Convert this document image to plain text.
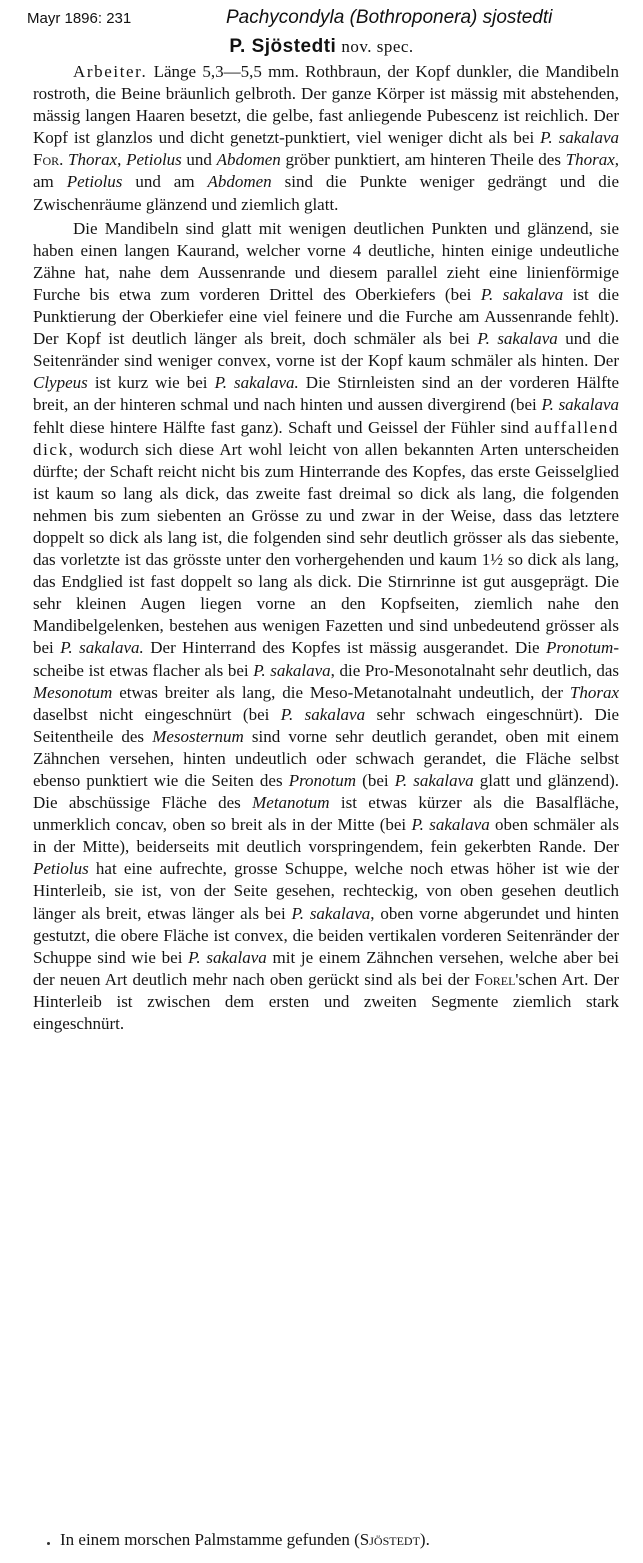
Mayr 1896: 231	Pachycondyla (Bothroponera) sjostedti
P. Sjöstedti nov. spec.

Arbeiter. Länge 5,3—5,5 mm. Rothbraun, der Kopf dunkler, die Mandibeln rostroth, die Beine bräunlich gelbroth. Der ganze Körper ist mässig mit abstehenden, mässig langen Haaren besetzt, die gelbe, fast anliegende Pubescenz ist reichlich. Der Kopf ist glanzlos und dicht genetzt-punktiert, viel weniger dicht als bei P. sakalava For. Thorax, Petiolus und Abdomen gröber punktiert, am hinteren Theile des Thorax, am Petiolus und am Abdomen sind die Punkte weniger gedrängt und die Zwischenräume glänzend und ziemlich glatt.

Die Mandibeln sind glatt mit wenigen deutlichen Punkten und glänzend, sie haben einen langen Kaurand, welcher vorne 4 deutliche, hinten einige undeutliche Zähne hat, nahe dem Aussenrande und diesem parallel zieht eine linienförmige Furche bis etwa zum vorderen Drittel des Oberkiefers (bei P. sakalava ist die Punktierung der Oberkiefer eine viel feinere und die Furche am Aussenrande fehlt). Der Kopf ist deutlich länger als breit, doch schmäler als bei P. sakalava und die Seitenränder sind weniger convex, vorne ist der Kopf kaum schmäler als hinten. Der Clypeus ist kurz wie bei P. sakalava. Die Stirnleisten sind an der vorderen Hälfte breit, an der hinteren schmal und nach hinten und aussen divergirend (bei P. sakalava fehlt diese hintere Hälfte fast ganz). Schaft und Geissel der Fühler sind auffallend dick, wodurch sich diese Art wohl leicht von allen bekannten Arten unterscheiden dürfte; der Schaft reicht nicht bis zum Hinterrande des Kopfes, das erste Geisselglied ist kaum so lang als dick, das zweite fast dreimal so dick als lang, die folgenden nehmen bis zum siebenten an Grösse zu und zwar in der Weise, dass das letztere doppelt so dick als lang ist, die folgenden sind sehr deutlich grösser als das siebente, das vorletzte ist das grösste unter den vorhergehenden und kaum 1½ so dick als lang, das Endglied ist fast doppelt so lang als dick. Die Stirnrinne ist gut ausgeprägt. Die sehr kleinen Augen liegen vorne an den Kopfseiten, ziemlich nahe den Mandibelgelenken, bestehen aus wenigen Fazetten und sind unbedeutend grösser als bei P. sakalava. Der Hinterrand des Kopfes ist mässig ausgerandet. Die Pronotum-scheibe ist etwas flacher als bei P. sakalava, die Pro-Mesonotalnaht sehr deutlich, das Mesonotum etwas breiter als lang, die Meso-Metanotalnaht undeutlich, der Thorax daselbst nicht eingeschnürt (bei P. sakalava sehr schwach eingeschnürt). Die Seitentheile des Mesosternum sind vorne sehr deutlich gerandet, oben mit einem Zähnchen versehen, hinten undeutlich oder schwach gerandet, die Fläche selbst ebenso punktiert wie die Seiten des Pronotum (bei P. sakalava glatt und glänzend). Die abschüssige Fläche des Metanotum ist etwas kürzer als die Basalfläche, unmerklich concav, oben so breit als in der Mitte (bei P. sakalava oben schmäler als in der Mitte), beiderseits mit deutlich vorspringendem, fein gekerbten Rande. Der Petiolus hat eine aufrechte, grosse Schuppe, welche noch etwas höher ist wie der Hinterleib, sie ist, von der Seite gesehen, rechteckig, von oben gesehen deutlich länger als breit, etwas länger als bei P. sakalava, oben vorne abgerundet und hinten gestutzt, die obere Fläche ist convex, die beiden vertikalen vorderen Seitenränder der Schuppe sind wie bei P. sakalava mit je einem Zähnchen versehen, welche aber bei der neuen Art deutlich mehr nach oben gerückt sind als bei der Forel'schen Art. Der Hinterleib ist zwischen dem ersten und zweiten Segmente ziemlich stark eingeschnürt.

In einem morschen Palmstamme gefunden (Sjöstedt).
